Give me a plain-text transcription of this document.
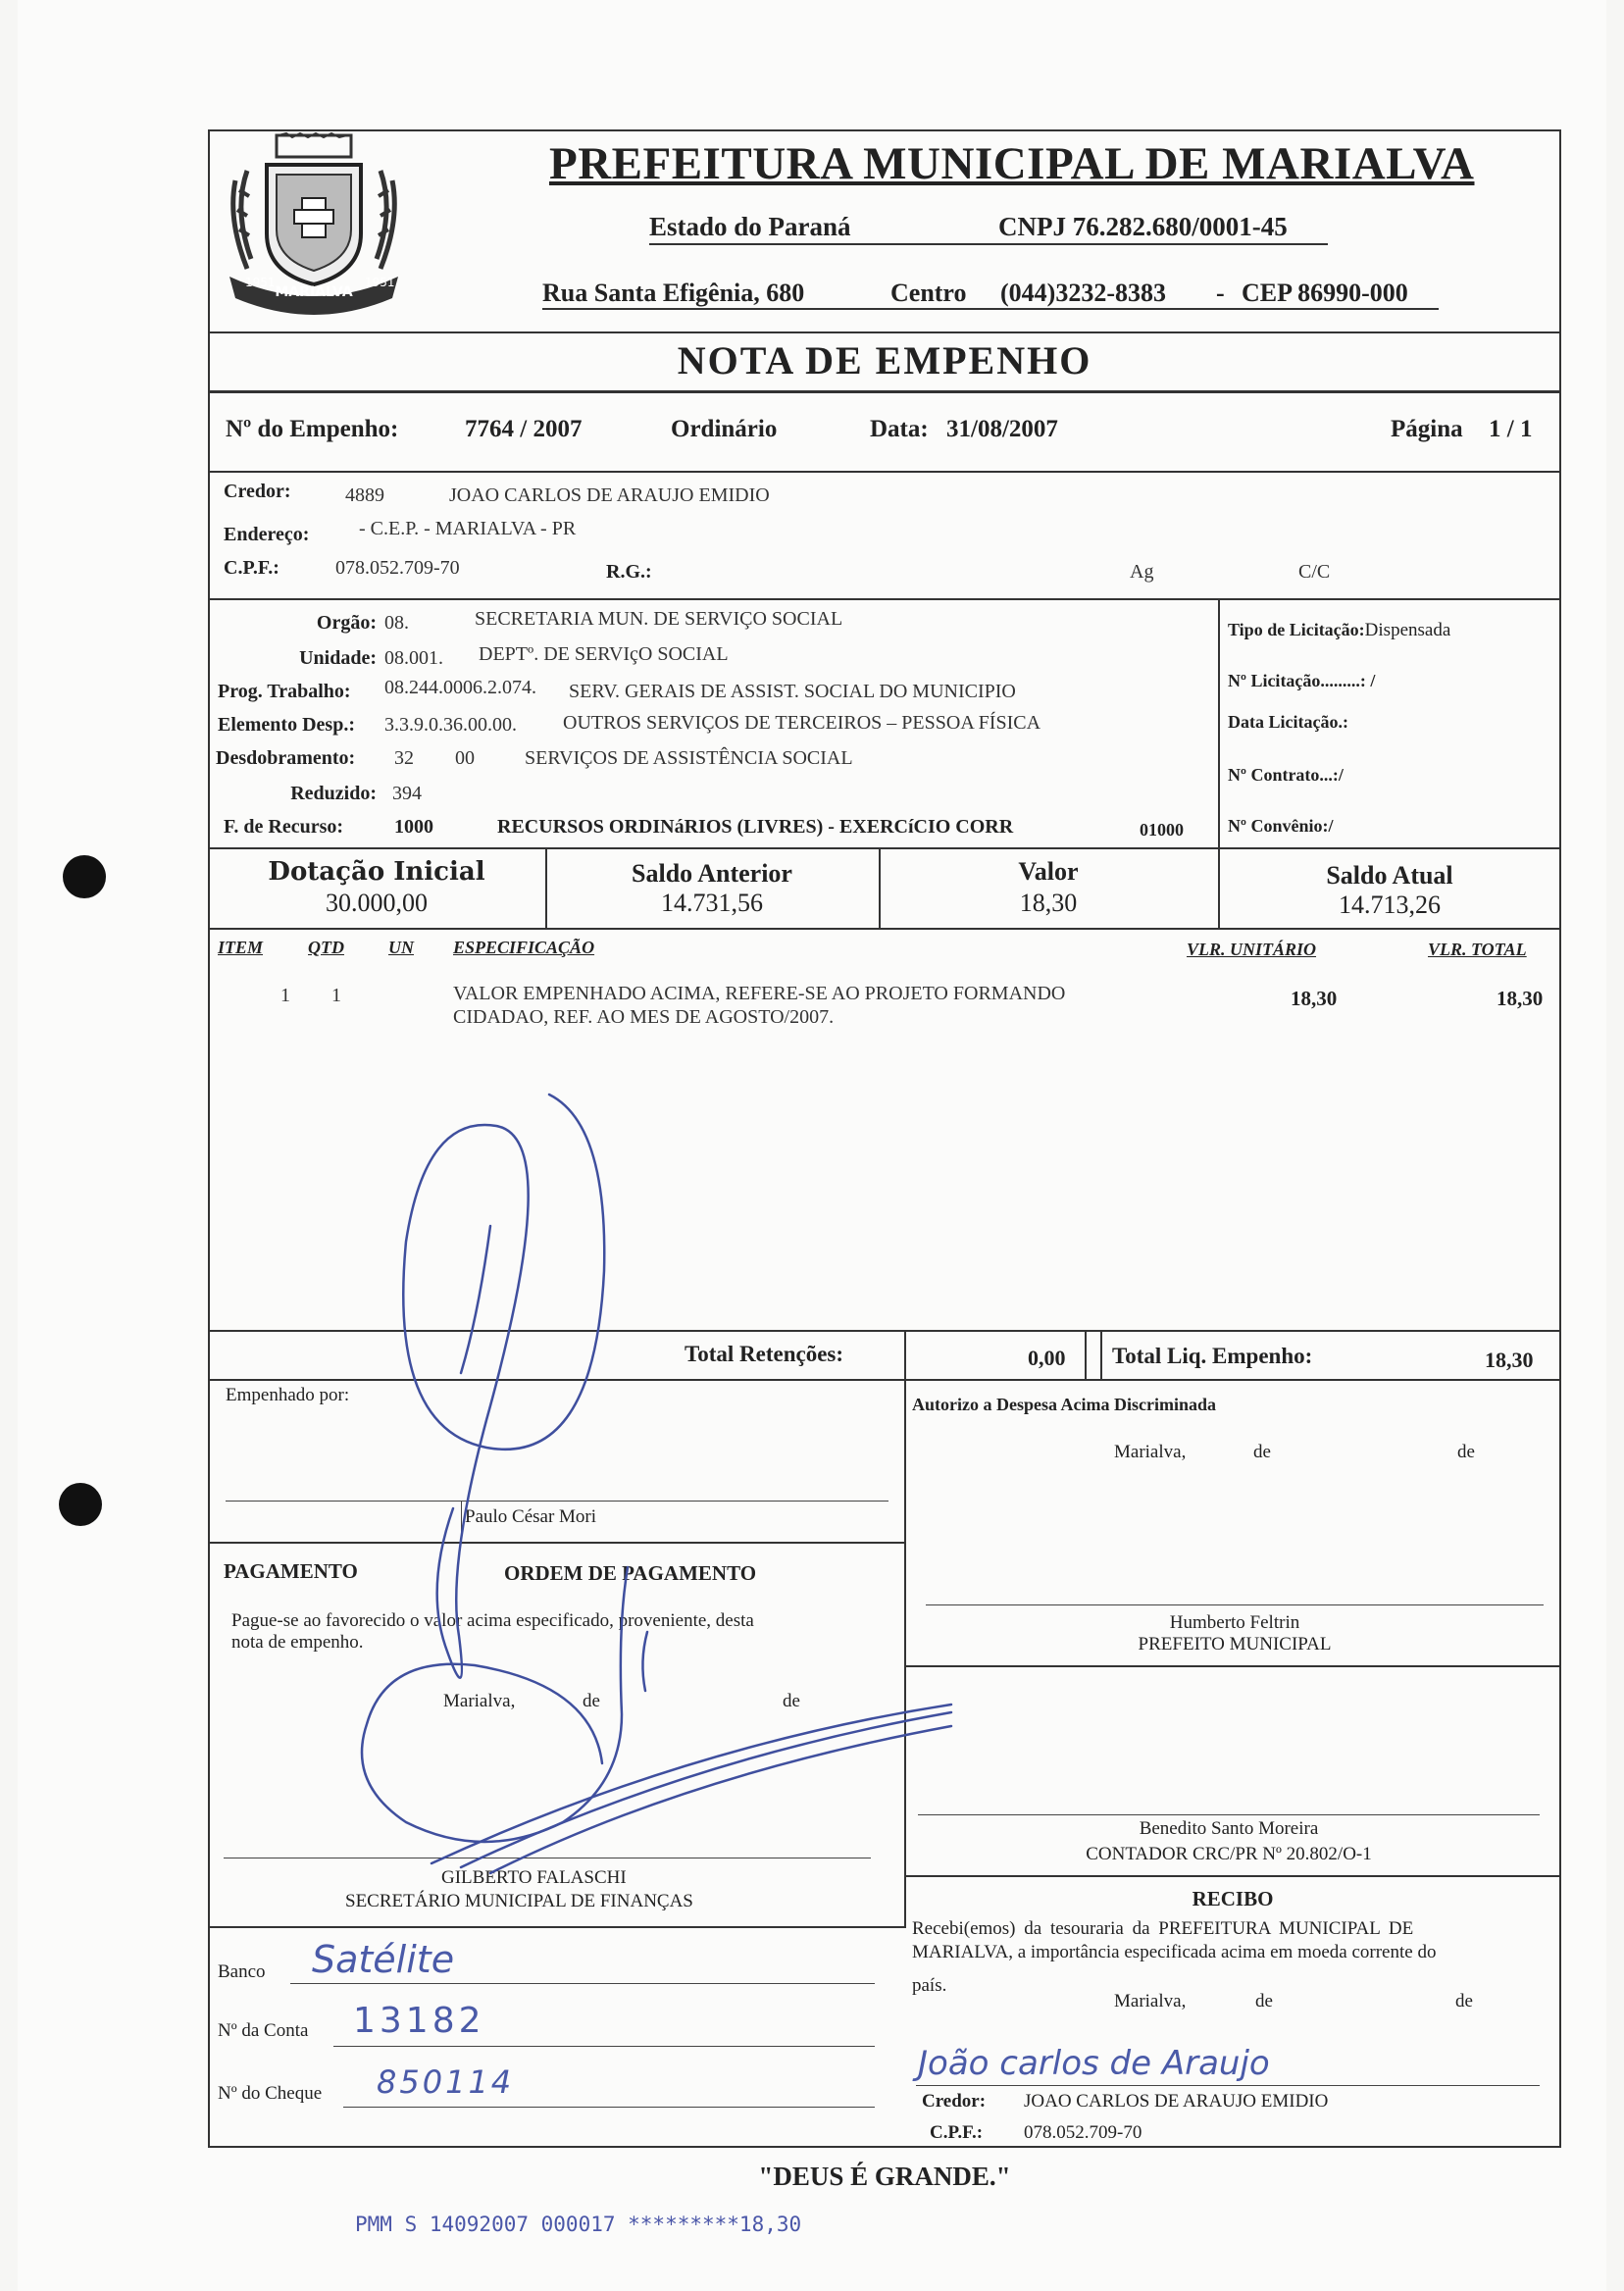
MARIALVA
1951	1951
PREFEITURA MUNICIPAL DE MARIALVA
Estado do Paraná	CNPJ 76.282.680/0001-45
Rua Santa Efigênia, 680	Centro (044)3232-8383 - CEP 86990-000
NOTA DE EMPENHO
Nº do Empenho:	7764 / 2007	Ordinário	Data: 31/08/2007	Página 1 / 1
Credor:	4889	JOAO CARLOS DE ARAUJO EMIDIO
Endereço:	- C.E.P. - MARIALVA - PR
C.P.F.:	078.052.709-70	R.G.:	Ag	C/C
Orgão: 08.	SECRETARIA MUN. DE SERVIÇO SOCIAL
Unidade: 08.001. DEPTº. DE SERVIçO SOCIAL
Prog. Trabalho: 08.244.0006.2.074. SERV. GERAIS DE ASSIST. SOCIAL DO MUNICIPIO
Elemento Desp.: 3.3.9.0.36.00.00. OUTROS SERVIÇOS DE TERCEIROS – PESSOA FÍSICA
Desdobramento: 32 00	SERVIÇOS DE ASSISTÊNCIA SOCIAL
Reduzido: 394
F. de Recurso:	1000	RECURSOS ORDINáRIOS (LIVRES) - EXERCíCIO CORR	01000
Tipo de Licitação:Dispensada
Nº Licitação.........: /
Data Licitação.:
Nº Contrato...:/
Nº Convênio:/
Dotação Inicial
30.000,00
Saldo Anterior
14.731,56
Valor
18,30
Saldo Atual
14.713,26
ITEM	QTD	UN ESPECIFICAÇÃO	VLR. UNITÁRIO	VLR. TOTAL
1 1	VALOR EMPENHADO ACIMA, REFERE-SE AO PROJETO FORMANDO
CIDADAO, REF. AO MES DE AGOSTO/2007.
18,30	18,30
Total Retenções:	0,00 Total Liq. Empenho:	18,30
Empenhado por:
Paulo César Mori
PAGAMENTO	ORDEM DE PAGAMENTO
Pague-se ao favorecido o valor acima especificado, proveniente, desta
nota de empenho.
Marialva,	de	de
GILBERTO FALASCHI
SECRETÁRIO MUNICIPAL DE FINANÇAS
Autorizo a Despesa Acima Discriminada
Marialva,	de	de
Humberto Feltrin
PREFEITO MUNICIPAL
Benedito Santo Moreira
CONTADOR CRC/PR Nº 20.802/O-1
RECIBO
Recebi(emos) da tesouraria da PREFEITURA MUNICIPAL DE
MARIALVA, a importância especificada acima em moeda corrente do
país.
Marialva,	de	de
João carlos de Araujo
Credor: JOAO CARLOS DE ARAUJO EMIDIO
C.P.F.: 078.052.709-70
Banco Satélite
Nº da Conta 13182
Nº do Cheque 850114
"DEUS É GRANDE."
PMM S 14092007 000017 *********18,30
